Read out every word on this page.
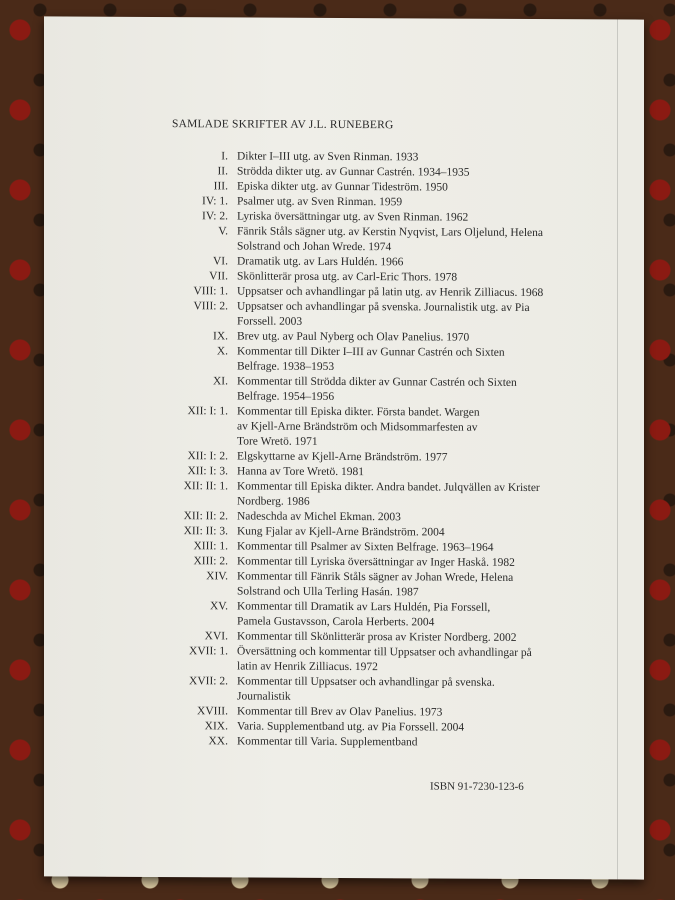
SAMLADE SKRIFTER AV J.L. RUNEBERG
I. Dikter I–III utg. av Sven Rinman. 1933
II. Strödda dikter utg. av Gunnar Castrén. 1934–1935
III. Episka dikter utg. av Gunnar Tideström. 1950
IV: 1. Psalmer utg. av Sven Rinman. 1959
IV: 2. Lyriska översättningar utg. av Sven Rinman. 1962
V. Fänrik Ståls sägner utg. av Kerstin Nyqvist, Lars Oljelund, Helena
Solstrand och Johan Wrede. 1974
VI. Dramatik utg. av Lars Huldén. 1966
VII. Skönlitterär prosa utg. av Carl-Eric Thors. 1978
VIII: 1. Uppsatser och avhandlingar på latin utg. av Henrik Zilliacus. 1968
VIII: 2. Uppsatser och avhandlingar på svenska. Journalistik utg. av Pia
Forssell. 2003
IX. Brev utg. av Paul Nyberg och Olav Panelius. 1970
X. Kommentar till Dikter I–III av Gunnar Castrén och Sixten
Belfrage. 1938–1953
XI. Kommentar till Strödda dikter av Gunnar Castrén och Sixten
Belfrage. 1954–1956
XII: I: 1. Kommentar till Episka dikter. Första bandet. Wargen
av Kjell-Arne Brändström och Midsommarfesten av
Tore Wretö. 1971
XII: I: 2. Elgskyttarne av Kjell-Arne Brändström. 1977
XII: I: 3. Hanna av Tore Wretö. 1981
XII: II: 1. Kommentar till Episka dikter. Andra bandet. Julqvällen av Krister
Nordberg. 1986
XII: II: 2. Nadeschda av Michel Ekman. 2003
XII: II: 3. Kung Fjalar av Kjell-Arne Brändström. 2004
XIII: 1. Kommentar till Psalmer av Sixten Belfrage. 1963–1964
XIII: 2. Kommentar till Lyriska översättningar av Inger Haskå. 1982
XIV. Kommentar till Fänrik Ståls sägner av Johan Wrede, Helena
Solstrand och Ulla Terling Hasán. 1987
XV. Kommentar till Dramatik av Lars Huldén, Pia Forssell,
Pamela Gustavsson, Carola Herberts. 2004
XVI. Kommentar till Skönlitterär prosa av Krister Nordberg. 2002
XVII: 1. Översättning och kommentar till Uppsatser och avhandlingar på
latin av Henrik Zilliacus. 1972
XVII: 2. Kommentar till Uppsatser och avhandlingar på svenska.
Journalistik
XVIII. Kommentar till Brev av Olav Panelius. 1973
XIX. Varia. Supplementband utg. av Pia Forssell. 2004
XX. Kommentar till Varia. Supplementband
ISBN 91-7230-123-6
